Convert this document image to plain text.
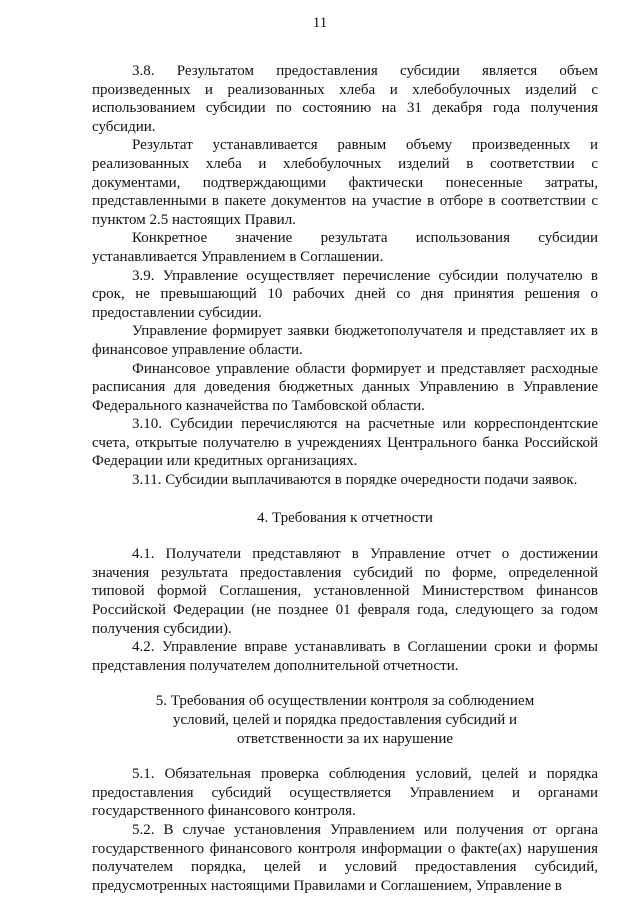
11

3.8. Результатом предоставления субсидии является объем произведенных и реализованных хлеба и хлебобулочных изделий с использованием субсидии по состоянию на 31 декабря года получения субсидии.

Результат устанавливается равным объему произведенных и реализованных хлеба и хлебобулочных изделий в соответствии с документами, подтверждающими фактически понесенные затраты, представленными в пакете документов на участие в отборе в соответствии с пунктом 2.5 настоящих Правил.

Конкретное значение результата использования субсидии устанавливается Управлением в Соглашении.

3.9. Управление осуществляет перечисление субсидии получателю в срок, не превышающий 10 рабочих дней со дня принятия решения о предоставлении субсидии.

Управление формирует заявки бюджетополучателя и представляет их в финансовое управление области.

Финансовое управление области формирует и представляет расходные расписания для доведения бюджетных данных Управлению в Управление Федерального казначейства по Тамбовской области.

3.10. Субсидии перечисляются на расчетные или корреспондентские счета, открытые получателю в учреждениях Центрального банка Российской Федерации или кредитных организациях.

3.11. Субсидии выплачиваются в порядке очередности подачи заявок.

4. Требования к отчетности

4.1. Получатели представляют в Управление отчет о достижении значения результата предоставления субсидий по форме, определенной типовой формой Соглашения, установленной Министерством финансов Российской Федерации (не позднее 01 февраля года, следующего за годом получения субсидии).

4.2. Управление вправе устанавливать в Соглашении сроки и формы представления получателем дополнительной отчетности.

5. Требования об осуществлении контроля за соблюдением

условий, целей и порядка предоставления субсидий и

ответственности за их нарушение

5.1. Обязательная проверка соблюдения условий, целей и порядка предоставления субсидий осуществляется Управлением и органами государственного финансового контроля.

5.2. В случае установления Управлением или получения от органа государственного финансового контроля информации о факте(ах) нарушения получателем порядка, целей и условий предоставления субсидий, предусмотренных настоящими Правилами и Соглашением, Управление в
